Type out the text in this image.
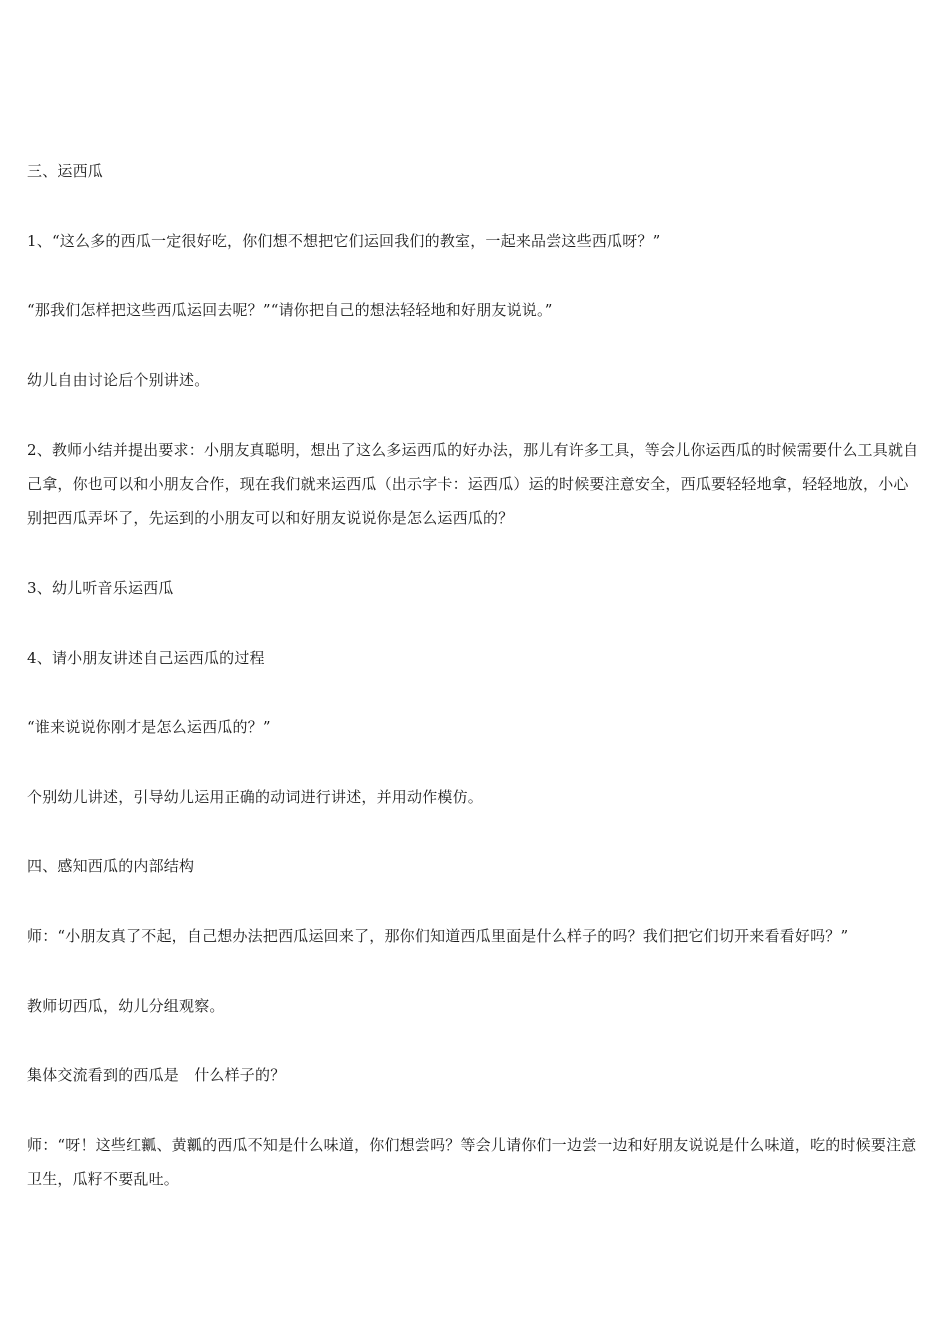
三、运西瓜

1、“这么多的西瓜一定很好吃，你们想不想把它们运回我们的教室，一起来品尝这些西瓜呀？”

“那我们怎样把这些西瓜运回去呢？”“请你把自己的想法轻轻地和好朋友说说。”

幼儿自由讨论后个别讲述。

2、教师小结并提出要求：小朋友真聪明，想出了这么多运西瓜的好办法，那儿有许多工具，等会儿你运西瓜的时候需要什么工具就自己拿，你也可以和小朋友合作，现在我们就来运西瓜（出示字卡：运西瓜）运的时候要注意安全，西瓜要轻轻地拿，轻轻地放，小心别把西瓜弄坏了，先运到的小朋友可以和好朋友说说你是怎么运西瓜的？

3、幼儿听音乐运西瓜

4、请小朋友讲述自己运西瓜的过程

“谁来说说你刚才是怎么运西瓜的？”

个别幼儿讲述，引导幼儿运用正确的动词进行讲述，并用动作模仿。

四、感知西瓜的内部结构

师：“小朋友真了不起，自己想办法把西瓜运回来了，那你们知道西瓜里面是什么样子的吗？我们把它们切开来看看好吗？”

教师切西瓜，幼儿分组观察。

集体交流看到的西瓜是　什么样子的？

师：“呀！这些红瓤、黄瓤的西瓜不知是什么味道，你们想尝吗？等会儿请你们一边尝一边和好朋友说说是什么味道，吃的时候要注意卫生，瓜籽不要乱吐。
